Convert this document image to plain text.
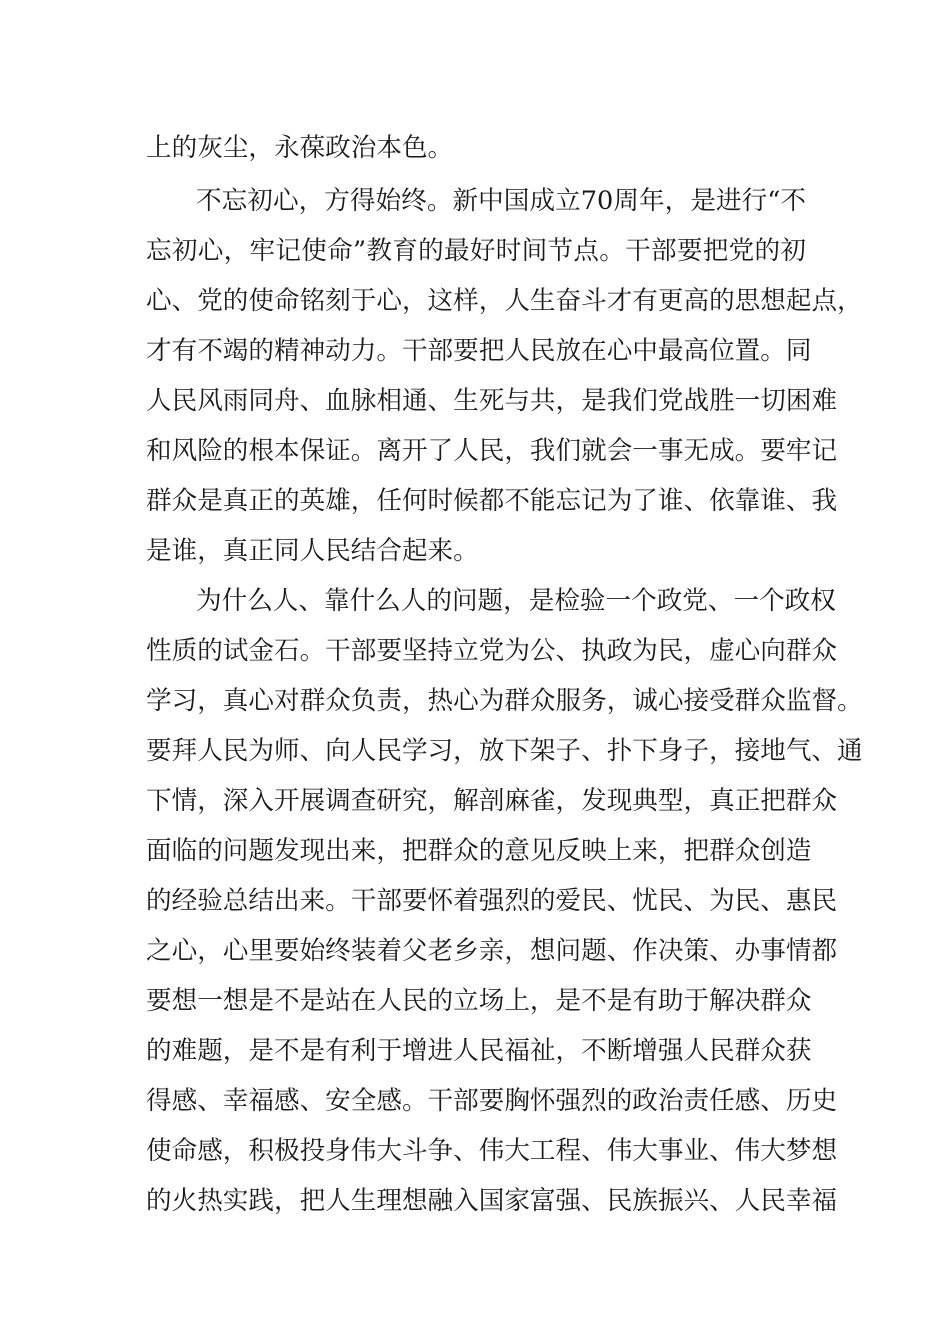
上的灰尘，永葆政治本色。
不忘初心，方得始终。新中国成立70周年，是进行“不
忘初心，牢记使命”教育的最好时间节点。干部要把党的初
心、党的使命铭刻于心，这样，人生奋斗才有更高的思想起点，
才有不竭的精神动力。干部要把人民放在心中最高位置。同
人民风雨同舟、血脉相通、生死与共，是我们党战胜一切困难
和风险的根本保证。离开了人民，我们就会一事无成。要牢记
群众是真正的英雄，任何时候都不能忘记为了谁、依靠谁、我
是谁，真正同人民结合起来。
为什么人、靠什么人的问题，是检验一个政党、一个政权
性质的试金石。干部要坚持立党为公、执政为民，虚心向群众
学习，真心对群众负责，热心为群众服务，诚心接受群众监督。
要拜人民为师、向人民学习，放下架子、扑下身子，接地气、通
下情，深入开展调查研究，解剖麻雀，发现典型，真正把群众
面临的问题发现出来，把群众的意见反映上来，把群众创造
的经验总结出来。干部要怀着强烈的爱民、忧民、为民、惠民
之心，心里要始终装着父老乡亲，想问题、作决策、办事情都
要想一想是不是站在人民的立场上，是不是有助于解决群众
的难题，是不是有利于增进人民福祉，不断增强人民群众获
得感、幸福感、安全感。干部要胸怀强烈的政治责任感、历史
使命感，积极投身伟大斗争、伟大工程、伟大事业、伟大梦想
的火热实践，把人生理想融入国家富强、民族振兴、人民幸福
